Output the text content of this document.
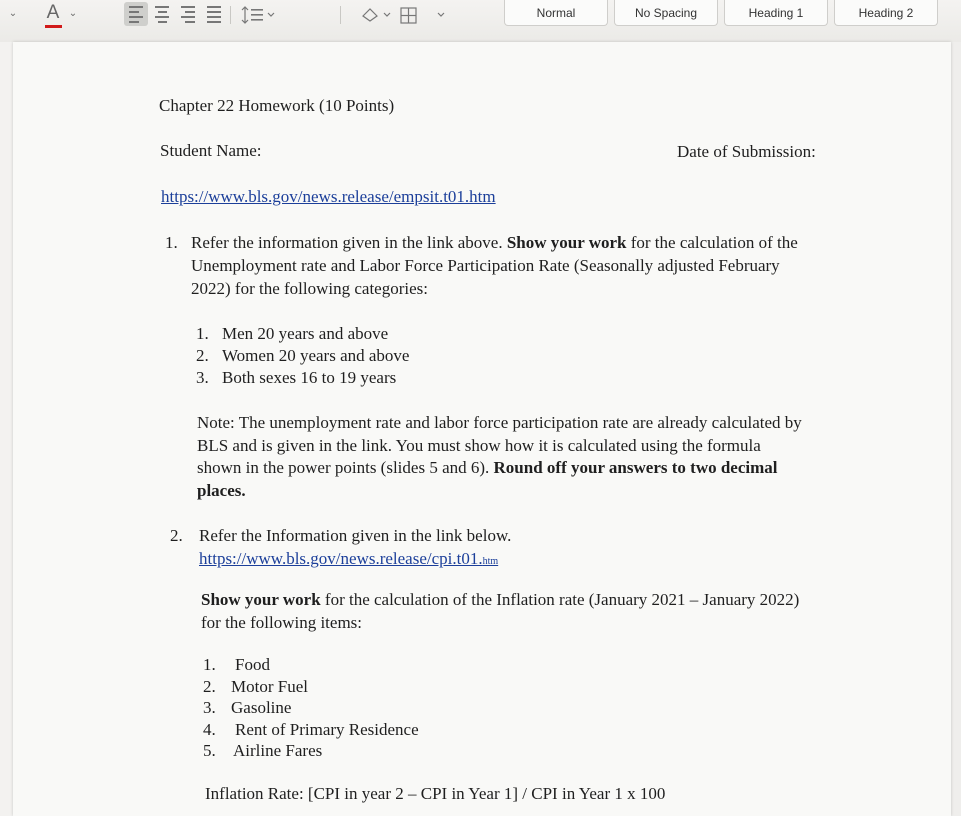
⌄ A ⌄	Normal	No Spacing	Heading 1	Heading 2
Chapter 22 Homework (10 Points)
Student Name:	Date of Submission:
https://www.bls.gov/news.release/empsit.t01.htm
1. Refer the information given in the link above. Show your work for the calculation of the
Unemployment rate and Labor Force Participation Rate (Seasonally adjusted February
2022) for the following categories:
1. Men 20 years and above
2. Women 20 years and above
3. Both sexes 16 to 19 years
Note: The unemployment rate and labor force participation rate are already calculated by
BLS and is given in the link. You must show how it is calculated using the formula
shown in the power points (slides 5 and 6). Round off your answers to two decimal
places.
2. Refer the Information given in the link below.
https://www.bls.gov/news.release/cpi.t01.htm
Show your work for the calculation of the Inflation rate (January 2021 – January 2022)
for the following items:
1. Food
2. Motor Fuel
3. Gasoline
4. Rent of Primary Residence
5. Airline Fares
Inflation Rate: [CPI in year 2 – CPI in Year 1] / CPI in Year 1 x 100
